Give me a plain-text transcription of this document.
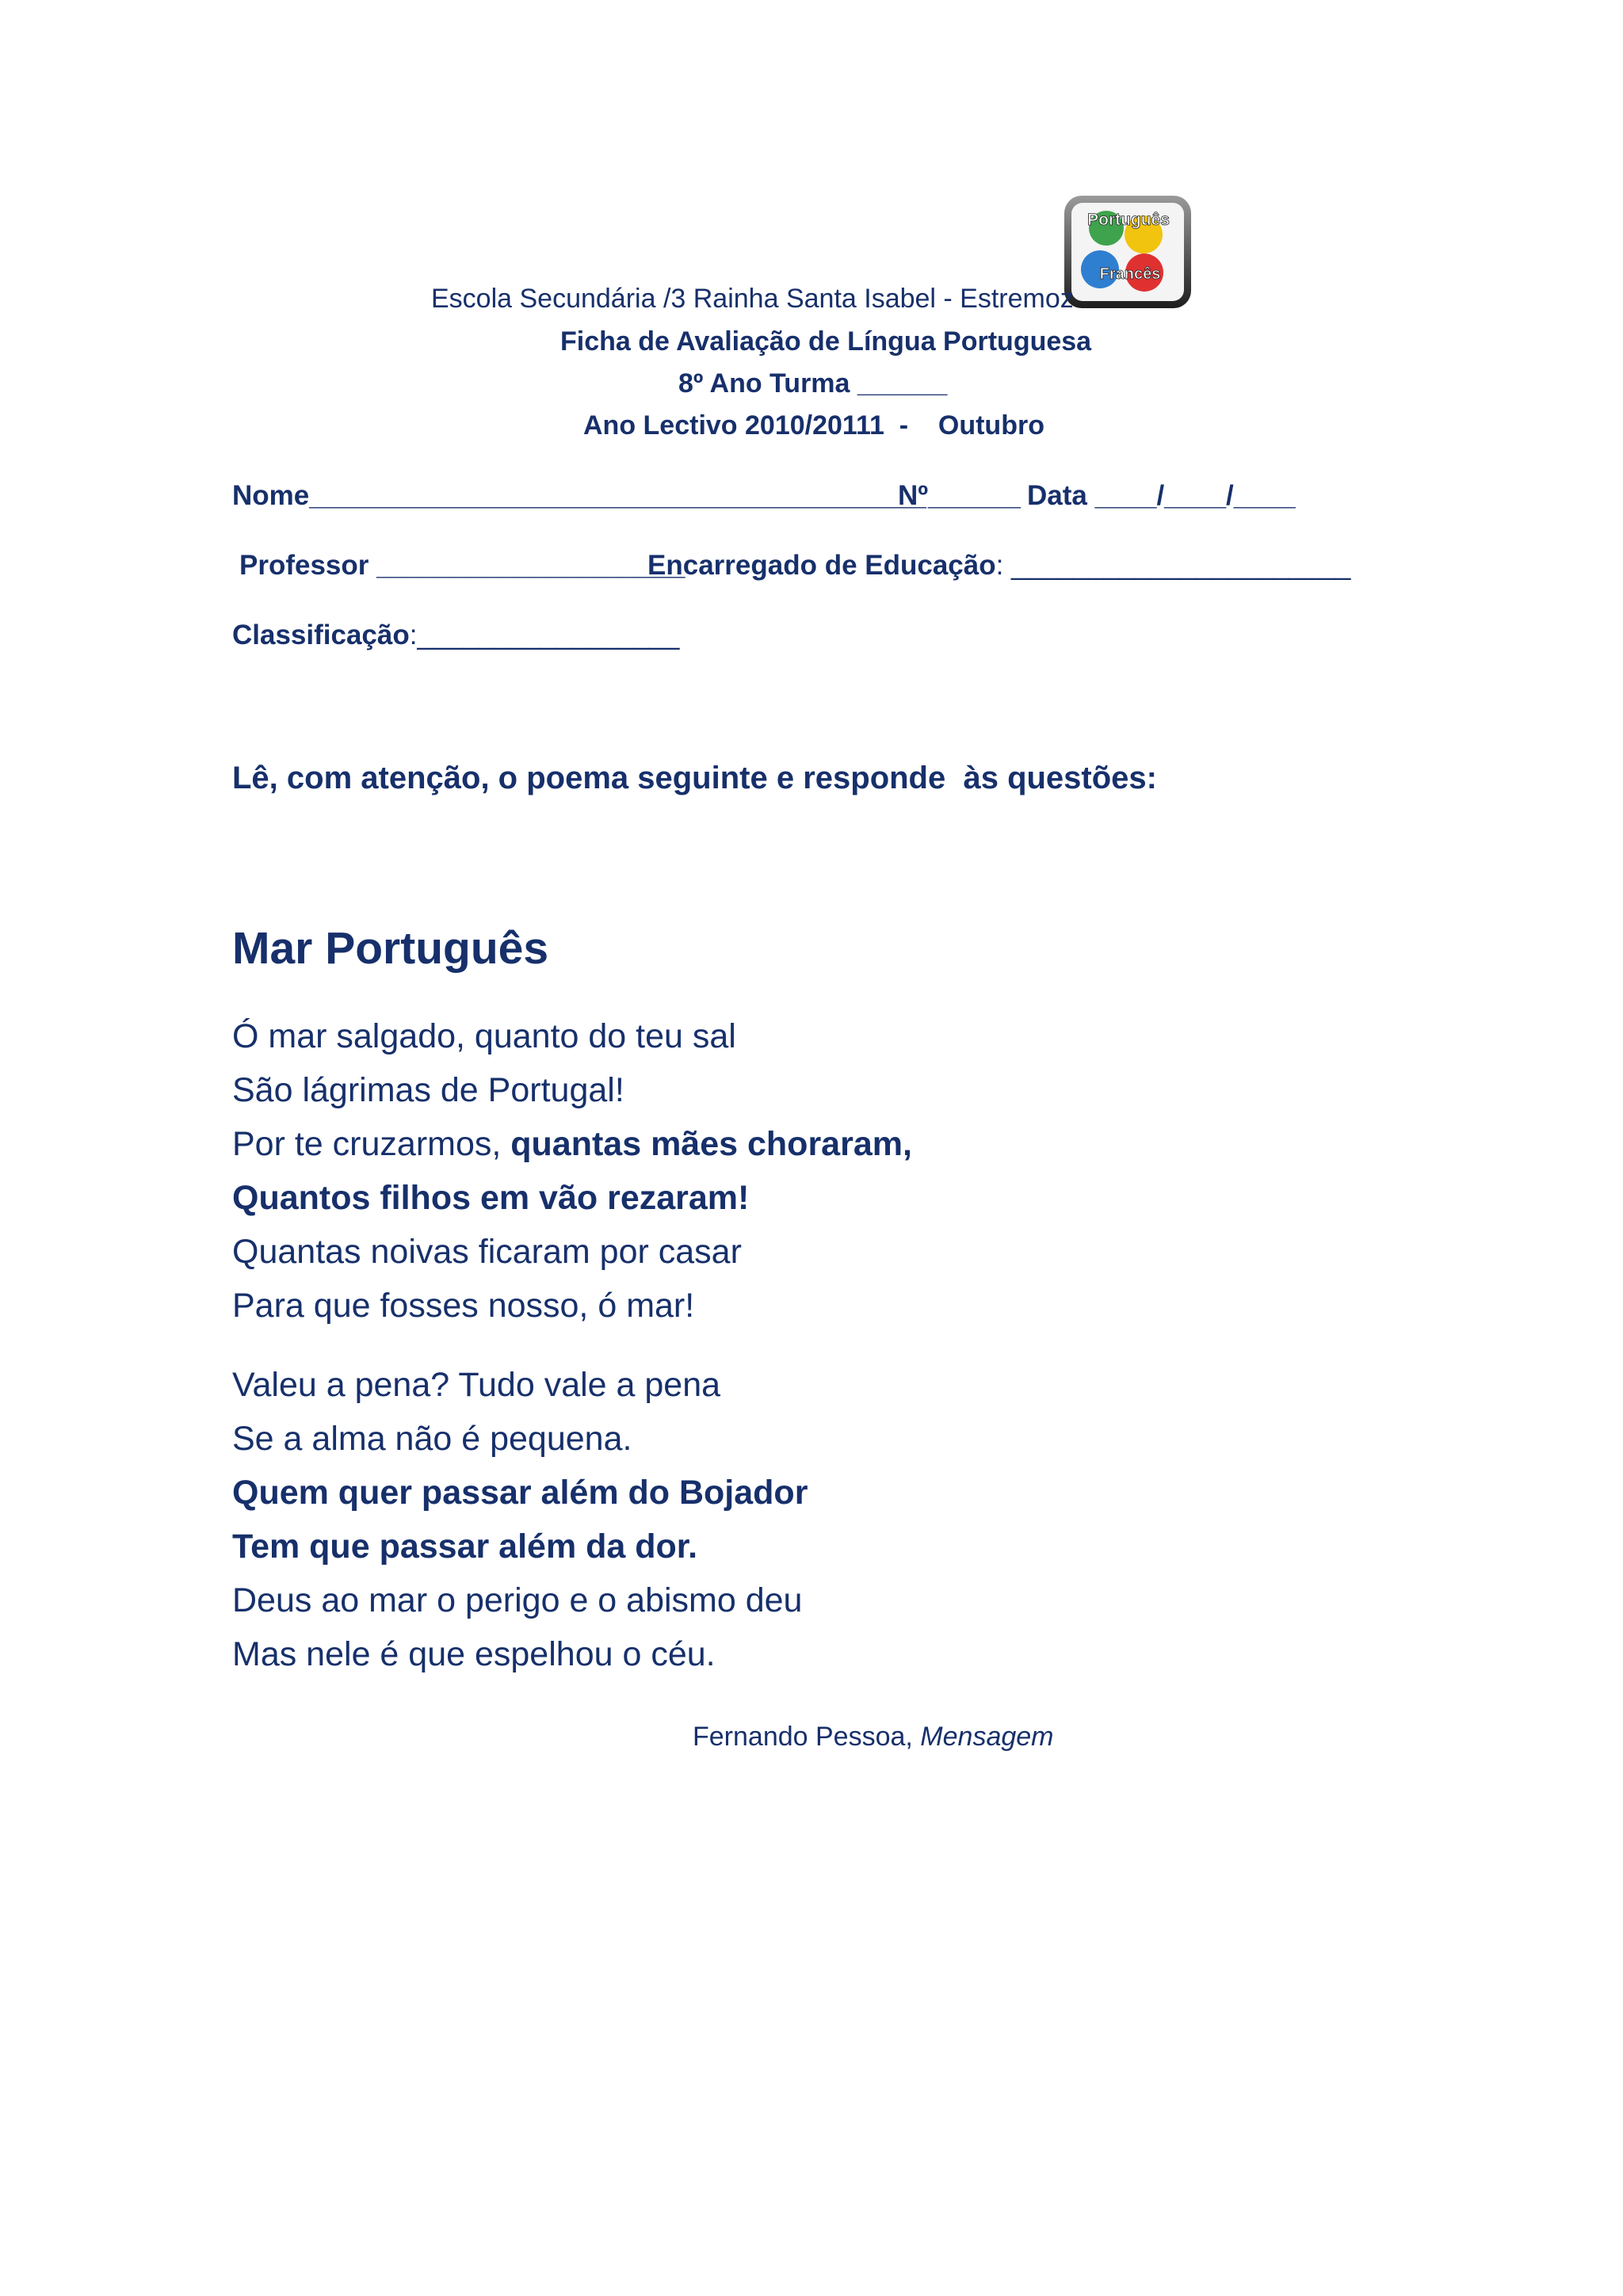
Português
Francês
Escola Secundária /3 Rainha Santa Isabel - Estremoz
Ficha de Avaliação de Língua Portuguesa
8º Ano Turma ______
Ano Lectivo 2010/20111  -    Outubro
Nome________________________________________
Nº______ Data ____/____/____
Professor ____________________
Encarregado de Educação: ______________________
Classificação:_________________
Lê, com atenção, o poema seguinte e responde  às questões:
Mar Português
Ó mar salgado, quanto do teu sal
São lágrimas de Portugal!
Por te cruzarmos, quantas mães choraram,
Quantos filhos em vão rezaram!
Quantas noivas ficaram por casar
Para que fosses nosso, ó mar!
Valeu a pena? Tudo vale a pena
Se a alma não é pequena.
Quem quer passar além do Bojador
Tem que passar além da dor.
Deus ao mar o perigo e o abismo deu
Mas nele é que espelhou o céu.
Fernando Pessoa, Mensagem
